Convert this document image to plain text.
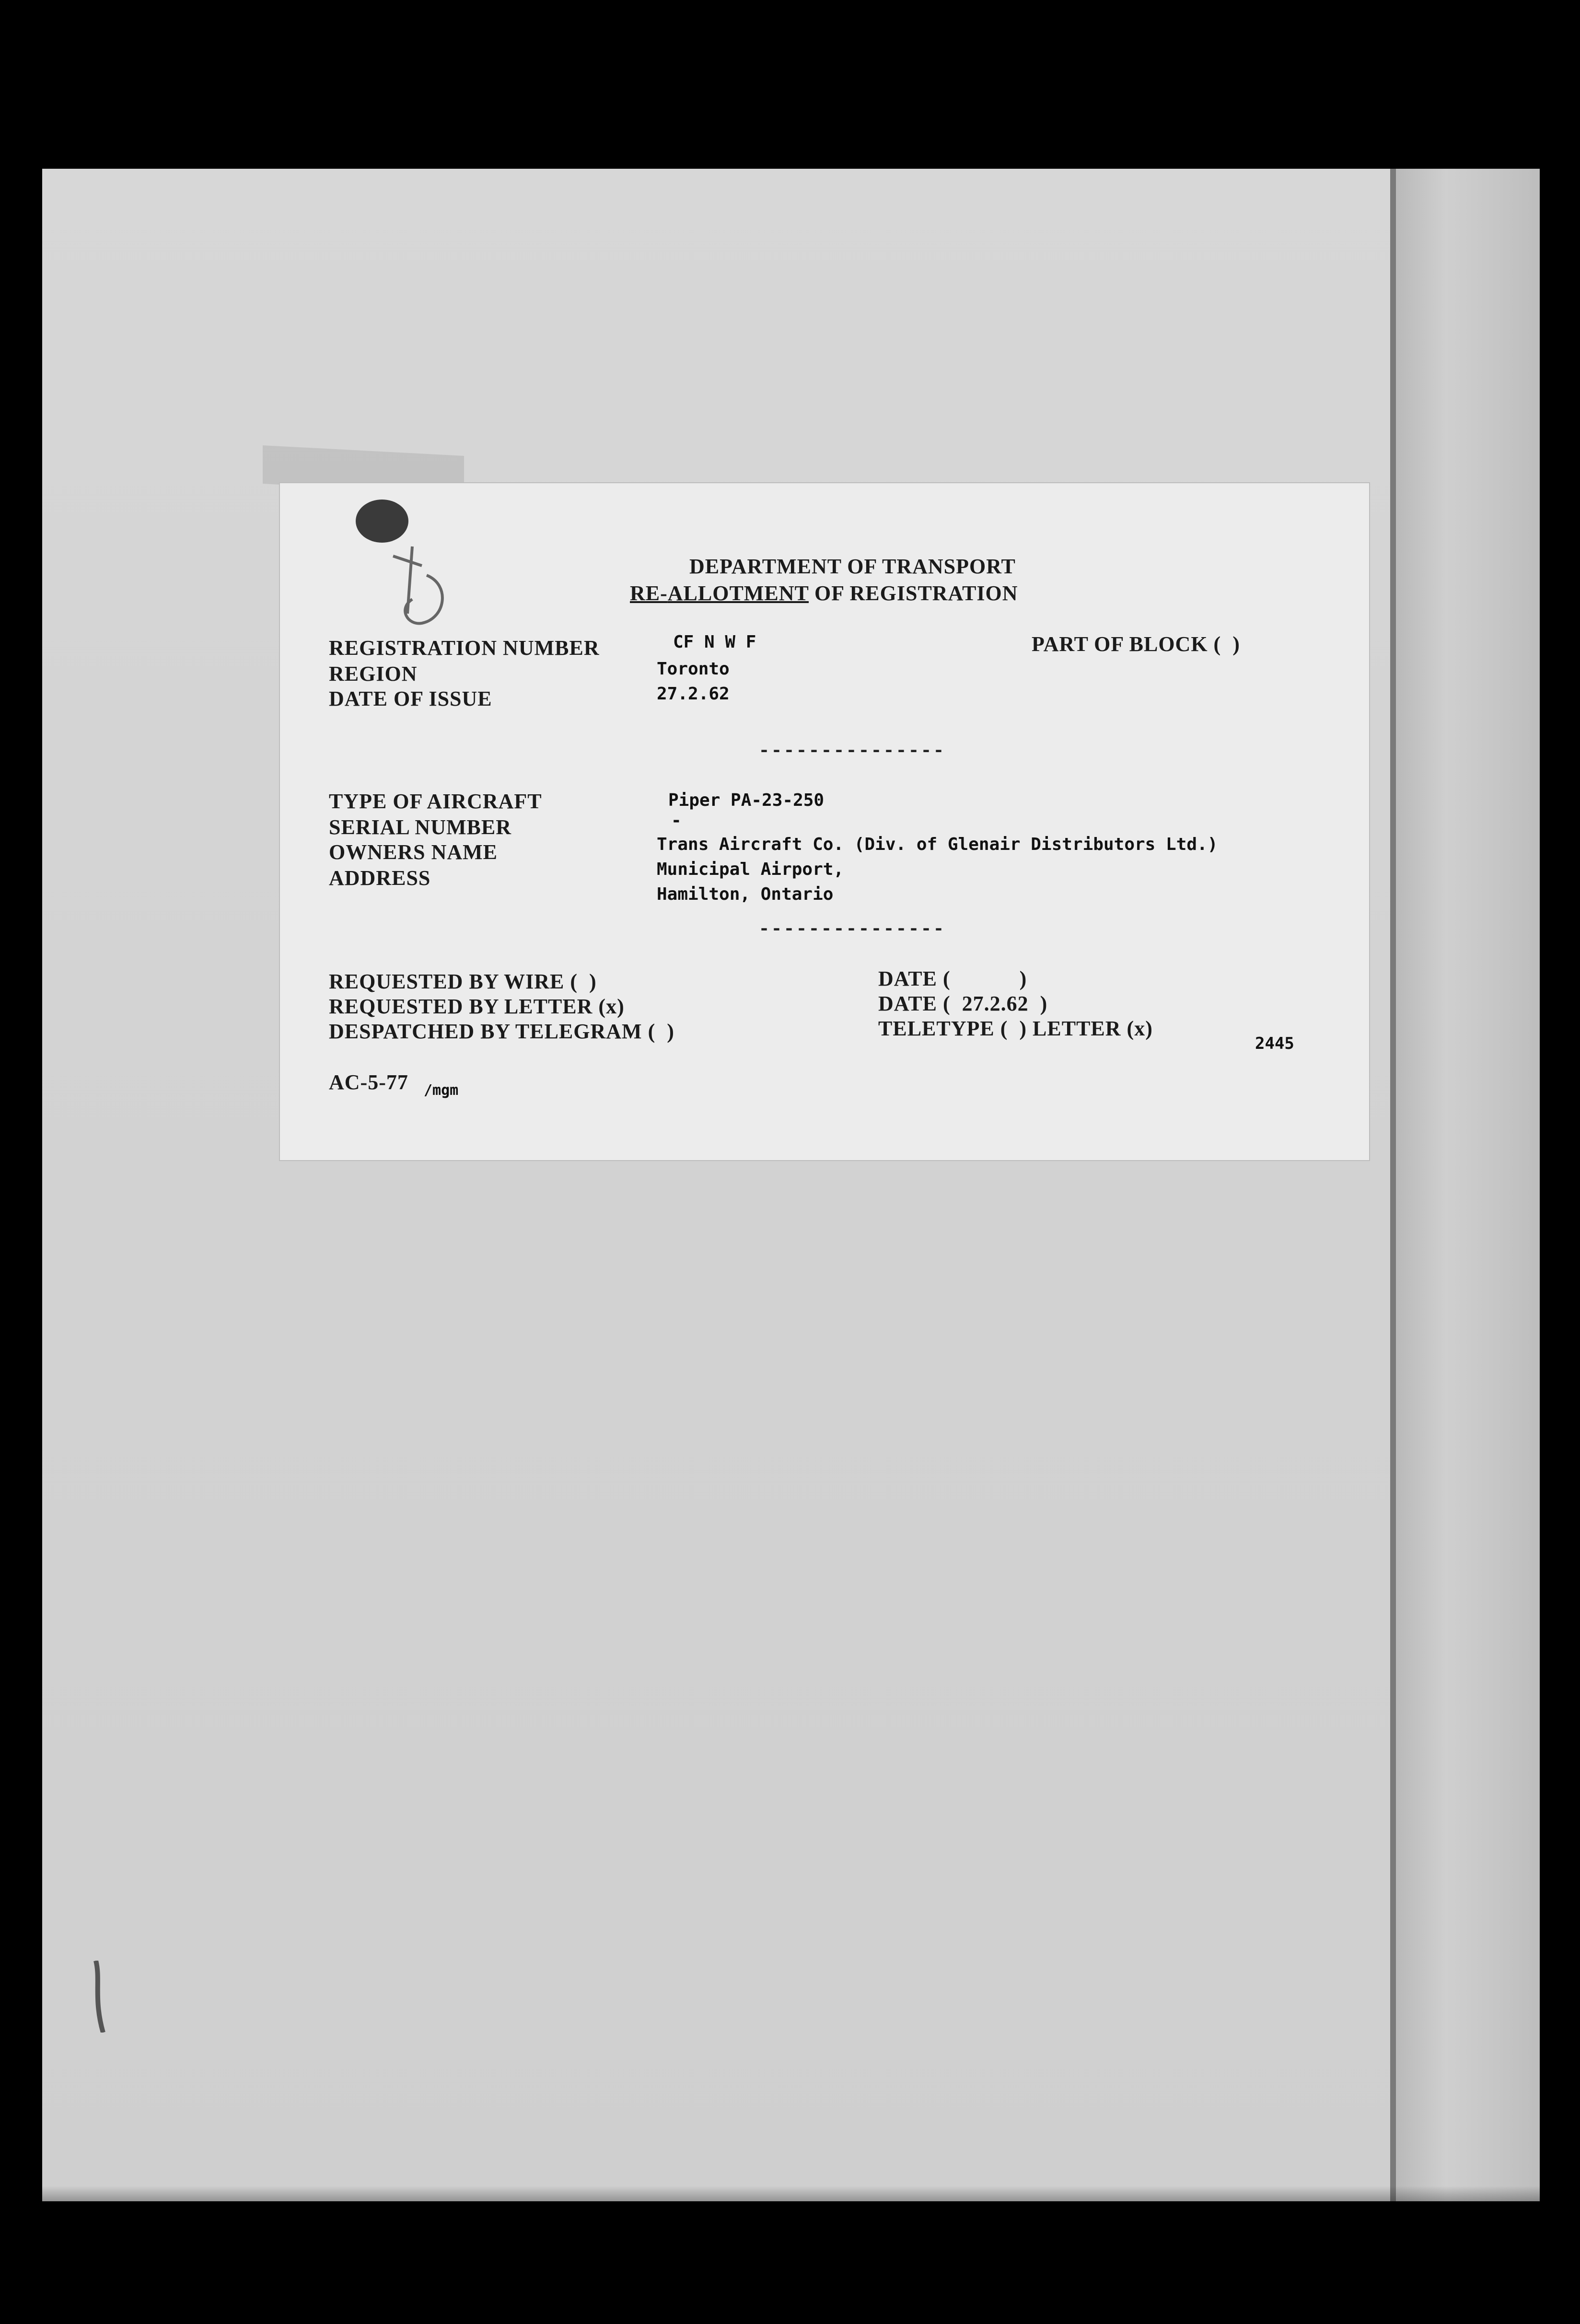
DEPARTMENT OF TRANSPORT
RE-ALLOTMENT OF REGISTRATION
REGISTRATION NUMBER	CF N W F	PART OF BLOCK (  )
REGION	Toronto
DATE OF ISSUE	27.2.62
---------------
TYPE OF AIRCRAFT	Piper PA-23-250
SERIAL NUMBER	-
OWNERS NAME	Trans Aircraft Co. (Div. of Glenair Distributors Ltd.)
ADDRESS	Municipal Airport,
Hamilton, Ontario
---------------
REQUESTED BY WIRE (  )	DATE (            )
REQUESTED BY LETTER (x)	DATE (  27.2.62  )
DESPATCHED BY TELEGRAM (  )	TELETYPE (  ) LETTER (x)
2445
AC-5-77 /mgm
